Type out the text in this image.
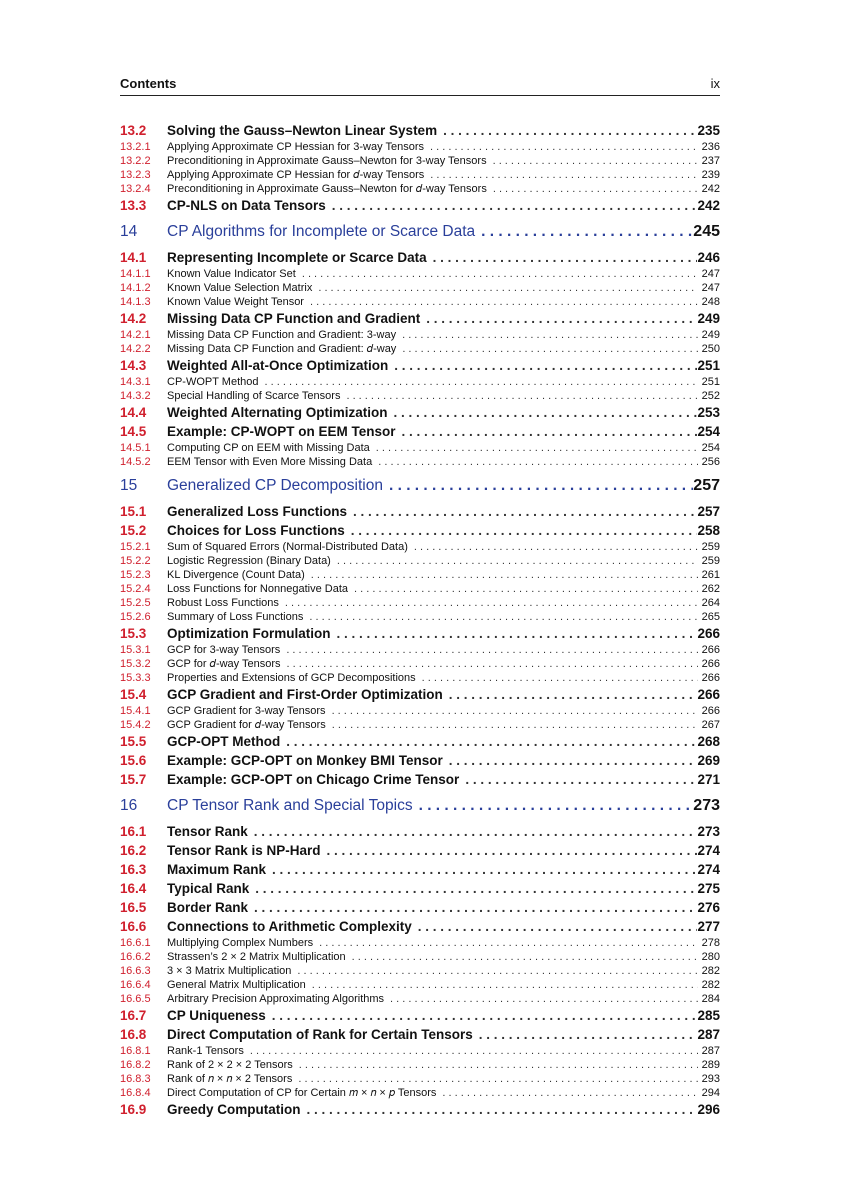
Contents	ix
13.2	Solving the Gauss–Newton Linear System . . .	235
13.2.1	Applying Approximate CP Hessian for 3-way Tensors . . .	236
13.2.2	Preconditioning in Approximate Gauss–Newton for 3-way Tensors . . .	237
13.2.3	Applying Approximate CP Hessian for 𝑑-way Tensors . . .	239
13.2.4	Preconditioning in Approximate Gauss–Newton for 𝑑-way Tensors . . .	242
13.3	CP-NLS on Data Tensors . . .	242
14	CP Algorithms for Incomplete or Scarce Data . . .	245
14.1	Representing Incomplete or Scarce Data . . .	246
14.1.1	Known Value Indicator Set . . .	247
14.1.2	Known Value Selection Matrix . . .	247
14.1.3	Known Value Weight Tensor . . .	248
14.2	Missing Data CP Function and Gradient . . .	249
14.2.1	Missing Data CP Function and Gradient: 3-way . . .	249
14.2.2	Missing Data CP Function and Gradient: 𝑑-way . . .	250
14.3	Weighted All-at-Once Optimization . . .	251
14.3.1	CP-WOPT Method . . .	251
14.3.2	Special Handling of Scarce Tensors . . .	252
14.4	Weighted Alternating Optimization . . .	253
14.5	Example: CP-WOPT on EEM Tensor . . .	254
14.5.1	Computing CP on EEM with Missing Data . . .	254
14.5.2	EEM Tensor with Even More Missing Data . . .	256
15	Generalized CP Decomposition . . .	257
15.1	Generalized Loss Functions . . .	257
15.2	Choices for Loss Functions . . .	258
15.2.1	Sum of Squared Errors (Normal-Distributed Data) . . .	259
15.2.2	Logistic Regression (Binary Data) . . .	259
15.2.3	KL Divergence (Count Data) . . .	261
15.2.4	Loss Functions for Nonnegative Data . . .	262
15.2.5	Robust Loss Functions . . .	264
15.2.6	Summary of Loss Functions . . .	265
15.3	Optimization Formulation . . .	266
15.3.1	GCP for 3-way Tensors . . .	266
15.3.2	GCP for 𝑑-way Tensors . . .	266
15.3.3	Properties and Extensions of GCP Decompositions . . .	266
15.4	GCP Gradient and First-Order Optimization . . .	266
15.4.1	GCP Gradient for 3-way Tensors . . .	266
15.4.2	GCP Gradient for 𝑑-way Tensors . . .	267
15.5	GCP-OPT Method . . .	268
15.6	Example: GCP-OPT on Monkey BMI Tensor . . .	269
15.7	Example: GCP-OPT on Chicago Crime Tensor . . .	271
16	CP Tensor Rank and Special Topics . . .	273
16.1	Tensor Rank . . .	273
16.2	Tensor Rank is NP-Hard . . .	274
16.3	Maximum Rank . . .	274
16.4	Typical Rank . . .	275
16.5	Border Rank . . .	276
16.6	Connections to Arithmetic Complexity . . .	277
16.6.1	Multiplying Complex Numbers . . .	278
16.6.2	Strassen’s 2 × 2 Matrix Multiplication . . .	280
16.6.3	3 × 3 Matrix Multiplication . . .	282
16.6.4	General Matrix Multiplication . . .	282
16.6.5	Arbitrary Precision Approximating Algorithms . . .	284
16.7	CP Uniqueness . . .	285
16.8	Direct Computation of Rank for Certain Tensors . . .	287
16.8.1	Rank-1 Tensors . . .	287
16.8.2	Rank of 2 × 2 × 2 Tensors . . .	289
16.8.3	Rank of 𝑛 × 𝑛 × 2 Tensors . . .	293
16.8.4	Direct Computation of CP for Certain 𝑚 × 𝑛 × 𝑝 Tensors . . .	294
16.9	Greedy Computation . . .	296
